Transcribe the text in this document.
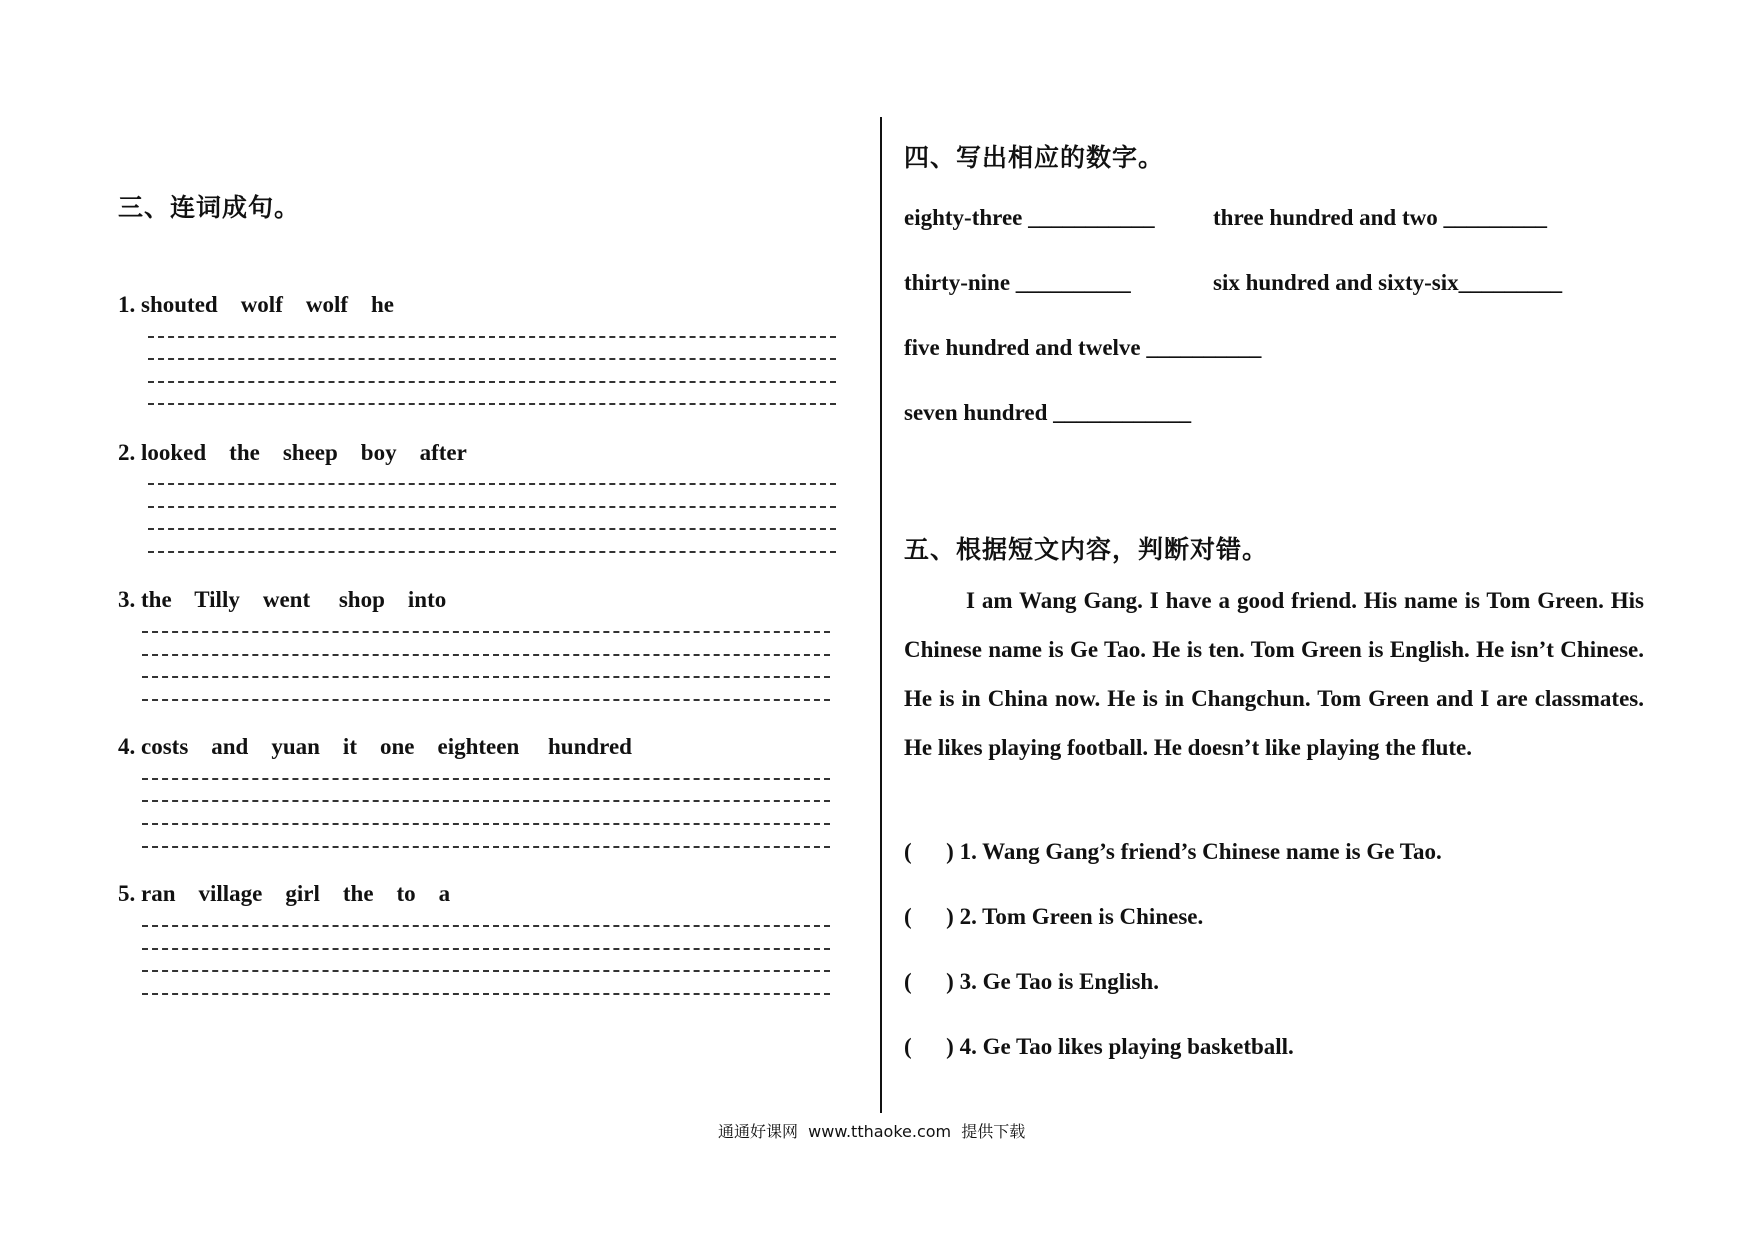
三、连词成句。
1. shouted    wolf    wolf    he
2. looked    the    sheep    boy    after
3. the    Tilly    went     shop    into
4. costs    and    yuan    it    one    eighteen     hundred
5. ran    village    girl    the    to    a
四、写出相应的数字。
eighty-three ___________	three hundred and two _________
thirty-nine __________	six hundred and sixty-six_________
five hundred and twelve __________
seven hundred ____________
五、根据短文内容，判断对错。
I am Wang Gang. I have a good friend. His name is Tom Green. His Chinese name is Ge Tao. He is ten. Tom Green is English. He isn’t Chinese. He is in China now. He is in Changchun. Tom Green and I are classmates. He likes playing football. He doesn’t like playing the flute.
(      ) 1. Wang Gang’s friend’s Chinese name is Ge Tao.
(      ) 2. Tom Green is Chinese.
(      ) 3. Ge Tao is English.
(      ) 4. Ge Tao likes playing basketball.
通通好课网  www.tthaoke.com  提供下载
